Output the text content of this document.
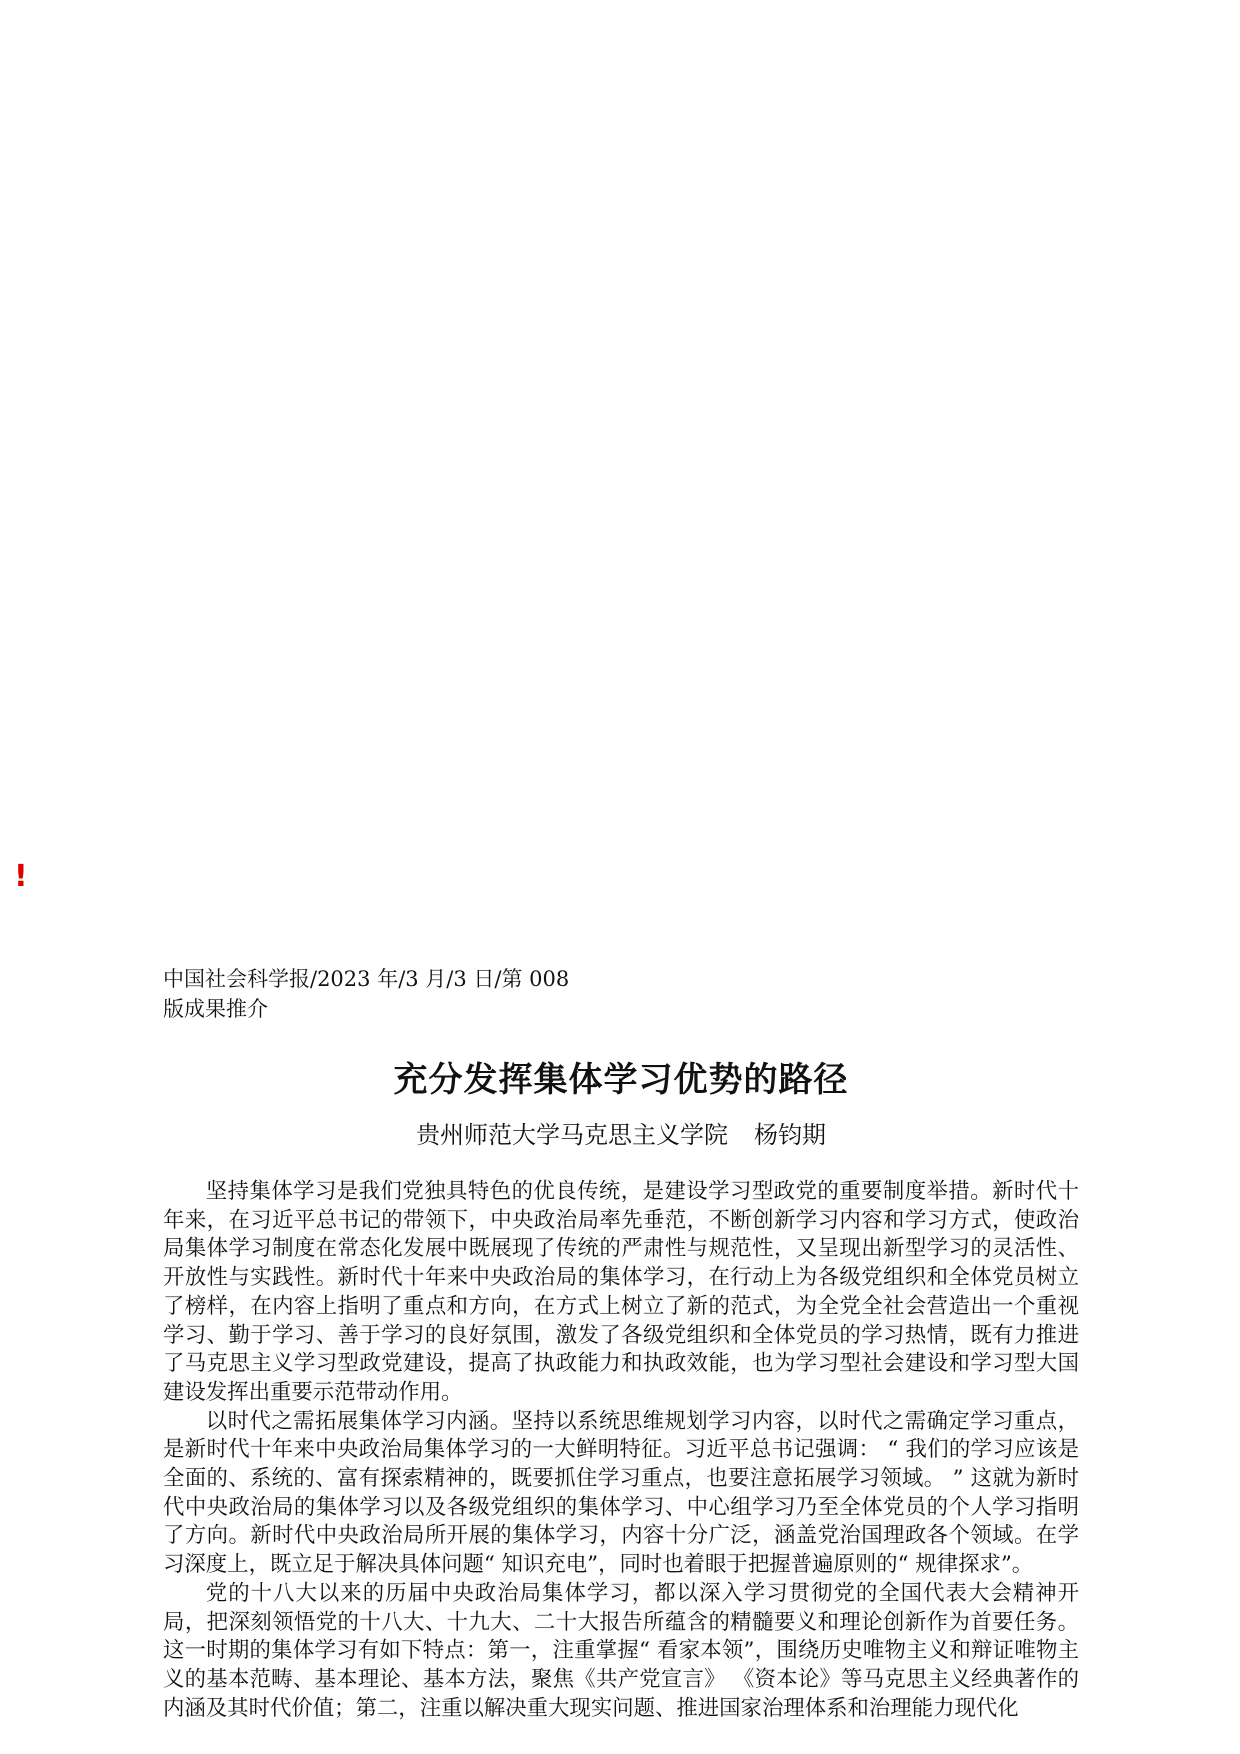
!

中国社会科学报/2023 年/3 月/3 日/第 008

版成果推介

充分发挥集体学习优势的路径
贵州师范大学马克思主义学院 杨钧期

坚持集体学习是我们党独具特色的优良传统，是建设学习型政党的重要制度举措。新时代十年来，在习近平总书记的带领下，中央政治局率先垂范，不断创新学习内容和学习方式，使政治局集体学习制度在常态化发展中既展现了传统的严肃性与规范性，又呈现出新型学习的灵活性、开放性与实践性。新时代十年来中央政治局的集体学习，在行动上为各级党组织和全体党员树立了榜样，在内容上指明了重点和方向，在方式上树立了新的范式，为全党全社会营造出一个重视学习、勤于学习、善于学习的良好氛围，激发了各级党组织和全体党员的学习热情，既有力推进了马克思主义学习型政党建设，提高了执政能力和执政效能，也为学习型社会建设和学习型大国建设发挥出重要示范带动作用。

以时代之需拓展集体学习内涵。坚持以系统思维规划学习内容，以时代之需确定学习重点，是新时代十年来中央政治局集体学习的一大鲜明特征。习近平总书记强调： “ 我们的学习应该是全面的、系统的、富有探索精神的，既要抓住学习重点，也要注意拓展学习领域。 ” 这就为新时代中央政治局的集体学习以及各级党组织的集体学习、中心组学习乃至全体党员的个人学习指明了方向。新时代中央政治局所开展的集体学习，内容十分广泛，涵盖党治国理政各个领域。在学习深度上，既立足于解决具体问题“ 知识充电”，同时也着眼于把握普遍原则的“ 规律探求”。

党的十八大以来的历届中央政治局集体学习，都以深入学习贯彻党的全国代表大会精神开局，把深刻领悟党的十八大、十九大、二十大报告所蕴含的精髓要义和理论创新作为首要任务。这一时期的集体学习有如下特点：第一，注重掌握“ 看家本领”，围绕历史唯物主义和辩证唯物主义的基本范畴、基本理论、基本方法，聚焦《共产党宣言》 《资本论》等马克思主义经典著作的内涵及其时代价值；第二，注重以解决重大现实问题、推进国家治理体系和治理能力现代化
